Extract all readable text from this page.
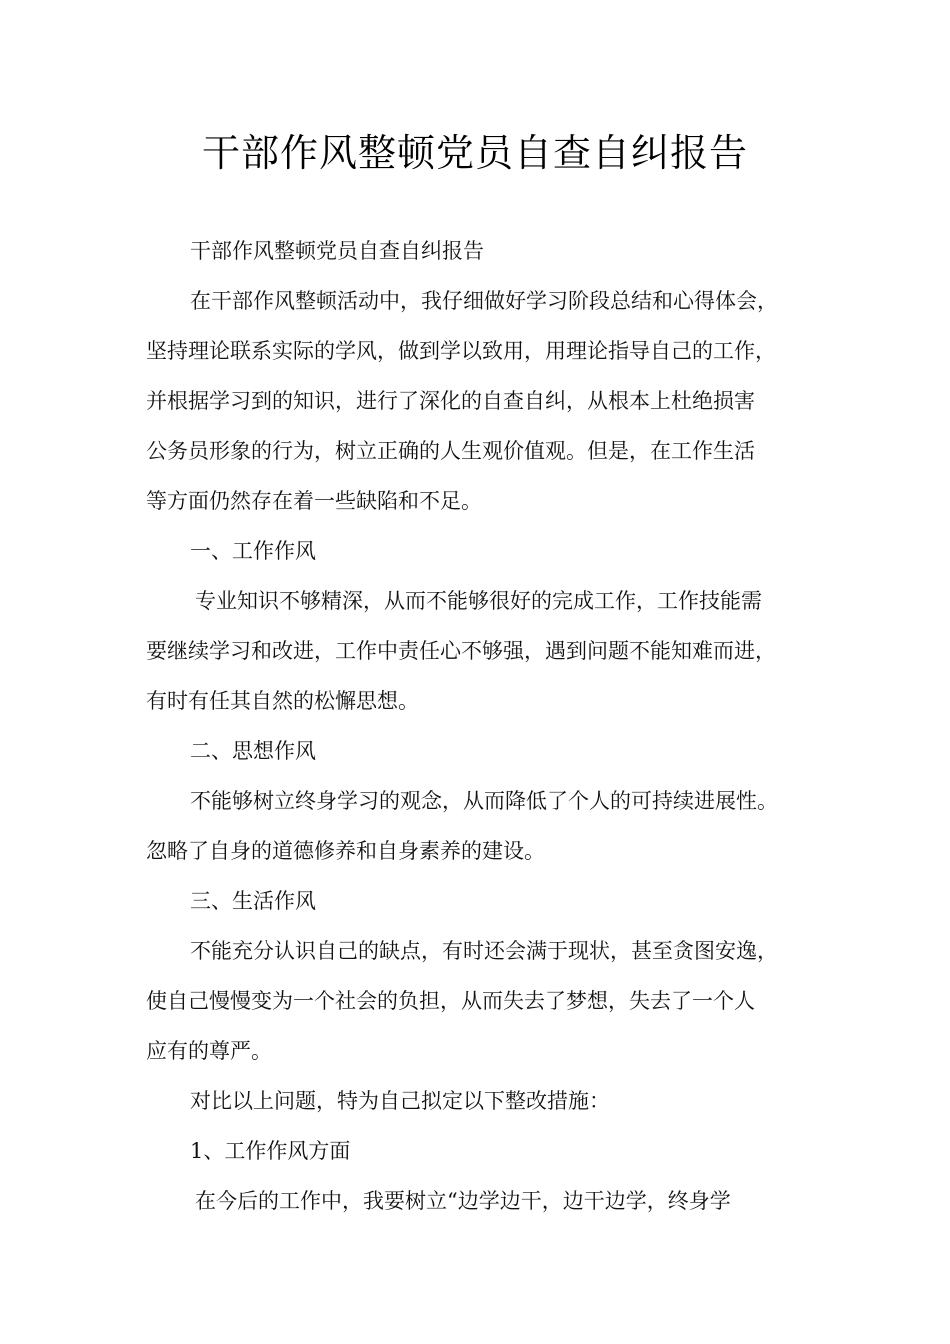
干部作风整顿党员自查自纠报告
干部作风整顿党员自查自纠报告
在干部作风整顿活动中，我仔细做好学习阶段总结和心得体会，
坚持理论联系实际的学风，做到学以致用，用理论指导自己的工作，
并根据学习到的知识，进行了深化的自查自纠，从根本上杜绝损害
公务员形象的行为，树立正确的人生观价值观。但是，在工作生活
等方面仍然存在着一些缺陷和不足。
一、工作作风
专业知识不够精深，从而不能够很好的完成工作，工作技能需
要继续学习和改进，工作中责任心不够强，遇到问题不能知难而进，
有时有任其自然的松懈思想。
二、思想作风
不能够树立终身学习的观念，从而降低了个人的可持续进展性。
忽略了自身的道德修养和自身素养的建设。
三、生活作风
不能充分认识自己的缺点，有时还会满于现状，甚至贪图安逸，
使自己慢慢变为一个社会的负担，从而失去了梦想，失去了一个人
应有的尊严。
对比以上问题，特为自己拟定以下整改措施：
1、工作作风方面
在今后的工作中，我要树立“边学边干，边干边学，终身学
